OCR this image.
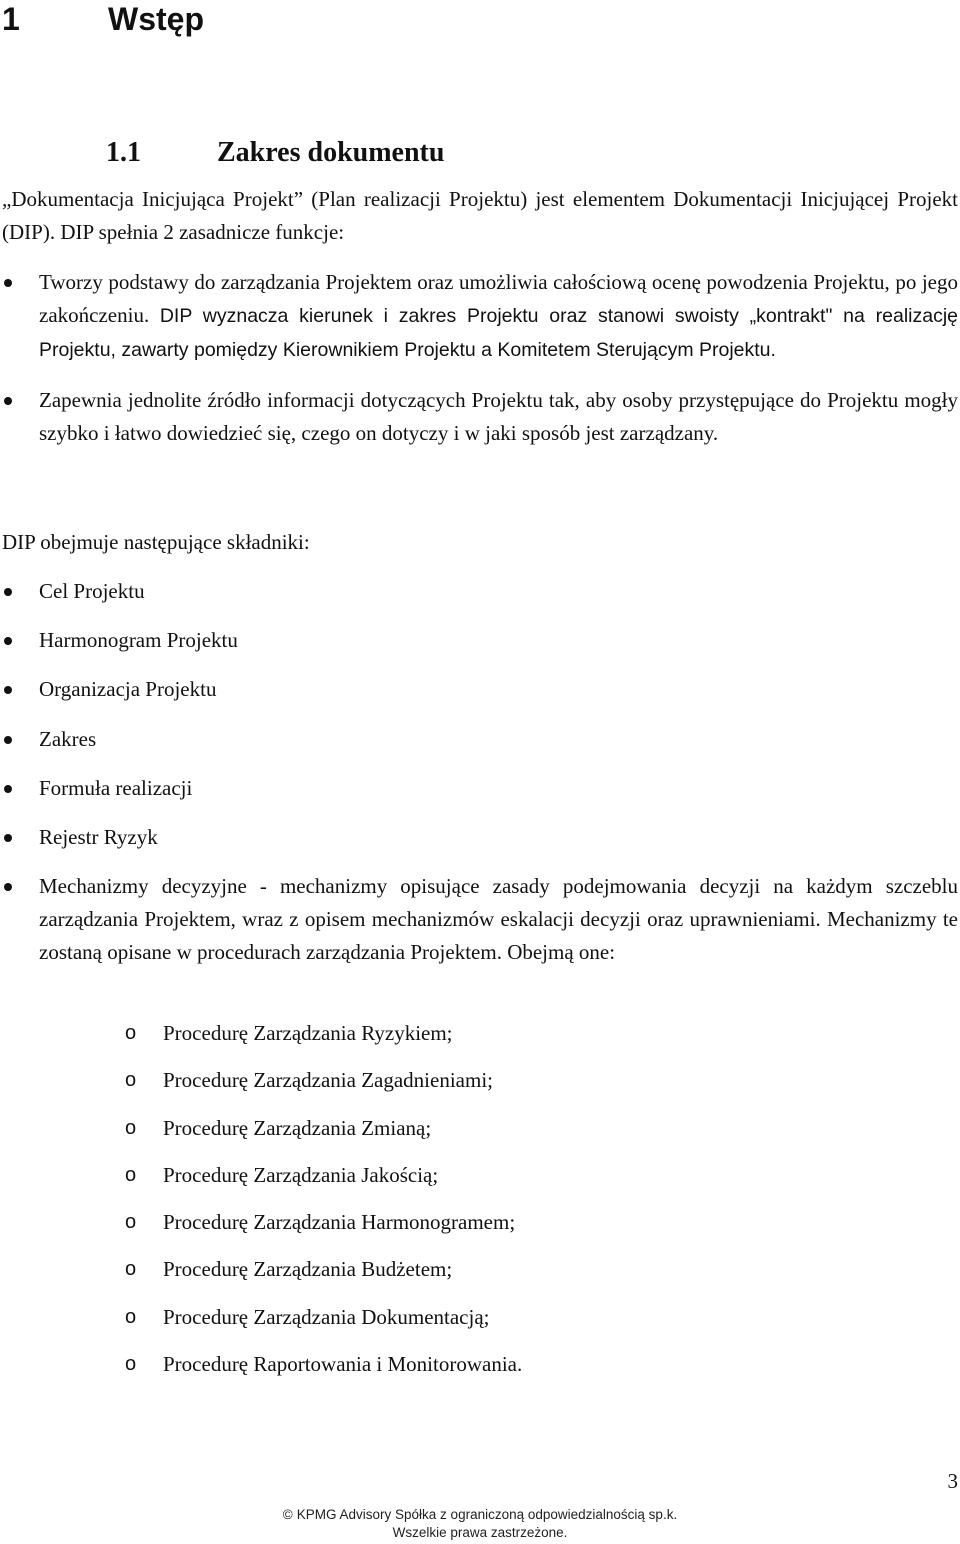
1	Wstęp
1.1	Zakres dokumentu
„Dokumentacja Inicjująca Projekt” (Plan realizacji Projektu) jest elementem Dokumentacji Inicjującej Projekt (DIP). DIP spełnia 2 zasadnicze funkcje:
Tworzy podstawy do zarządzania Projektem oraz umożliwia całościową ocenę powodzenia Projektu, po jego zakończeniu. DIP wyznacza kierunek i zakres Projektu oraz stanowi swoisty „kontrakt" na realizację Projektu, zawarty pomiędzy Kierownikiem Projektu a Komitetem Sterującym Projektu.
Zapewnia jednolite źródło informacji dotyczących Projektu tak, aby osoby przystępujące do Projektu mogły szybko i łatwo dowiedzieć się, czego on dotyczy i w jaki sposób jest zarządzany.
DIP obejmuje następujące składniki:
Cel Projektu
Harmonogram Projektu
Organizacja Projektu
Zakres
Formuła realizacji
Rejestr Ryzyk
Mechanizmy decyzyjne - mechanizmy opisujące zasady podejmowania decyzji na każdym szczeblu zarządzania Projektem, wraz z opisem mechanizmów eskalacji decyzji oraz uprawnieniami. Mechanizmy te zostaną opisane w procedurach zarządzania Projektem. Obejmą one:
o Procedurę Zarządzania Ryzykiem;
o Procedurę Zarządzania Zagadnieniami;
o Procedurę Zarządzania Zmianą;
o Procedurę Zarządzania Jakością;
o Procedurę Zarządzania Harmonogramem;
o Procedurę Zarządzania Budżetem;
o Procedurę Zarządzania Dokumentacją;
o Procedurę Raportowania i Monitorowania.
3
© KPMG Advisory Spółka z ograniczoną odpowiedzialnością sp.k.
Wszelkie prawa zastrzeżone.
